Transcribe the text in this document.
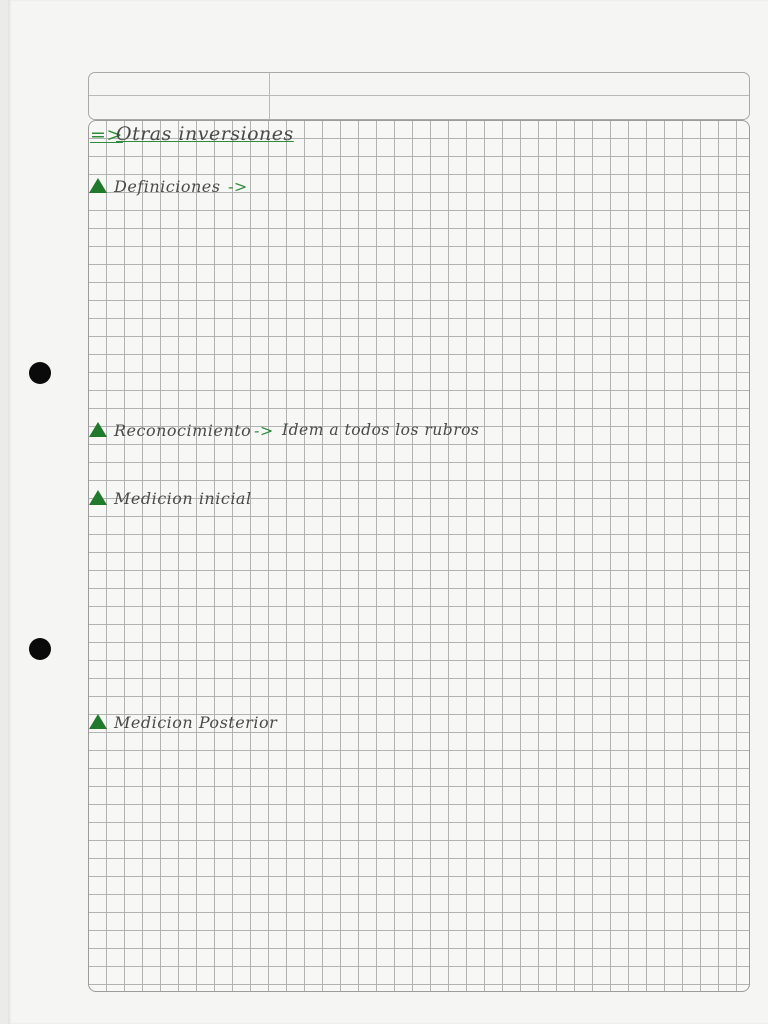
=>
Otras inversiones
Definiciones ->
Reconocimiento -> Idem a todos los rubros
Medicion inicial
Medicion Posterior
